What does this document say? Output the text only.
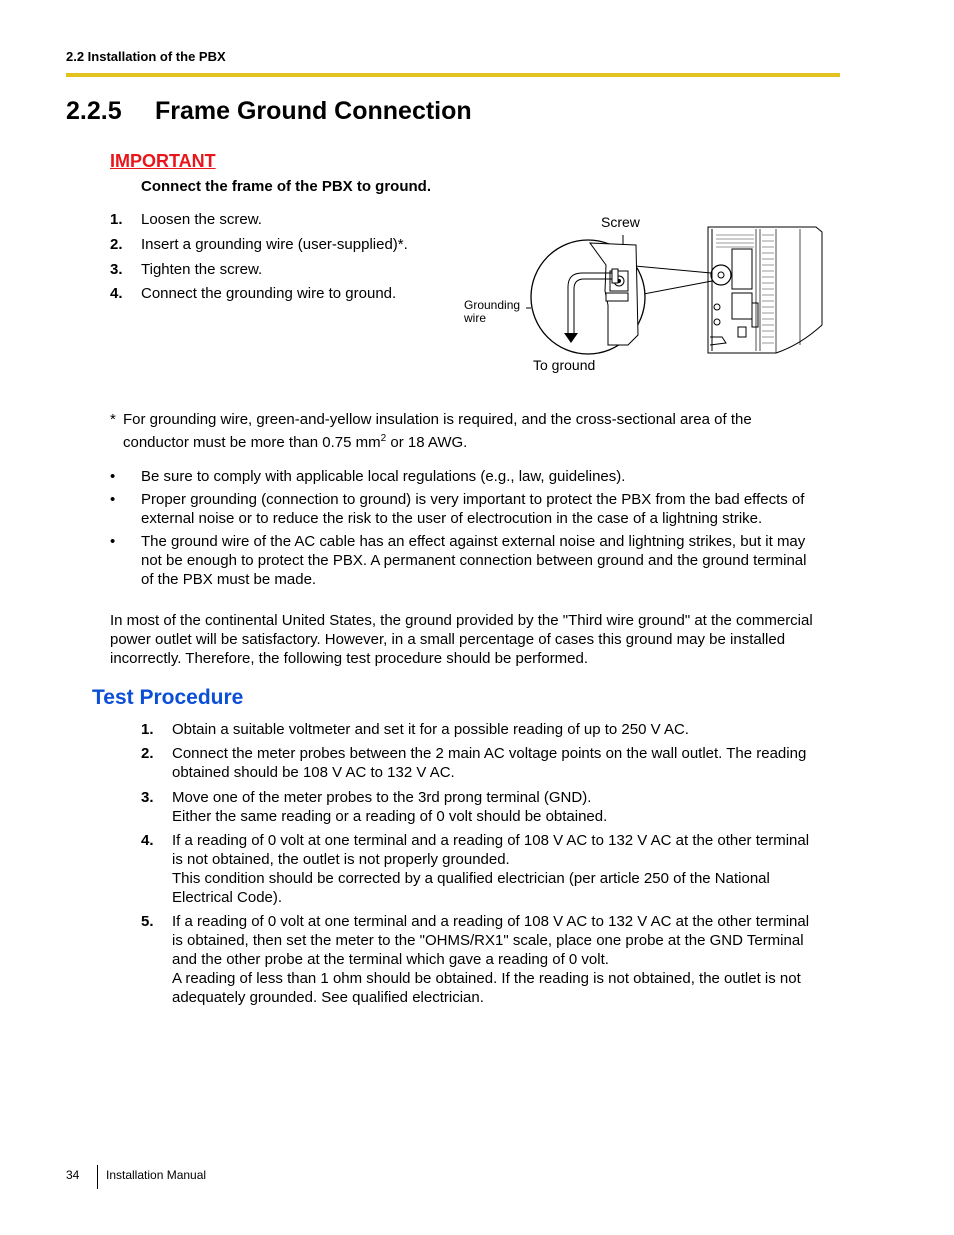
2.2 Installation of the PBX
2.2.5 Frame Ground Connection
IMPORTANT
Connect the frame of the PBX to ground.
1. Loosen the screw.
2. Insert a grounding wire (user-supplied)*.
3. Tighten the screw.
4. Connect the grounding wire to ground.
Screw
Grounding
wire
To ground
* For grounding wire, green-and-yellow insulation is required, and the cross-sectional area of the
conductor must be more than 0.75 $mm^2$ or 18 AWG.
• Be sure to comply with applicable local regulations (e.g., law, guidelines).
• Proper grounding (connection to ground) is very important to protect the PBX from the bad effects of
external noise or to reduce the risk to the user of electrocution in the case of a lightning strike.
• The ground wire of the AC cable has an effect against external noise and lightning strikes, but it may
not be enough to protect the PBX. A permanent connection between ground and the ground terminal
of the PBX must be made.
In most of the continental United States, the ground provided by the "Third wire ground" at the commercial
power outlet will be satisfactory. However, in a small percentage of cases this ground may be installed
incorrectly. Therefore, the following test procedure should be performed.
Test Procedure
1. Obtain a suitable voltmeter and set it for a possible reading of up to 250 V AC.
2. Connect the meter probes between the 2 main AC voltage points on the wall outlet. The reading
obtained should be 108 V AC to 132 V AC.
3. Move one of the meter probes to the 3rd prong terminal (GND).
Either the same reading or a reading of 0 volt should be obtained.
4. If a reading of 0 volt at one terminal and a reading of 108 V AC to 132 V AC at the other terminal
is not obtained, the outlet is not properly grounded.
This condition should be corrected by a qualified electrician (per article 250 of the National
Electrical Code).
5. If a reading of 0 volt at one terminal and a reading of 108 V AC to 132 V AC at the other terminal
is obtained, then set the meter to the "OHMS/RX1" scale, place one probe at the GND Terminal
and the other probe at the terminal which gave a reading of 0 volt.
A reading of less than 1 ohm should be obtained. If the reading is not obtained, the outlet is not
adequately grounded. See qualified electrician.
34 Installation Manual
